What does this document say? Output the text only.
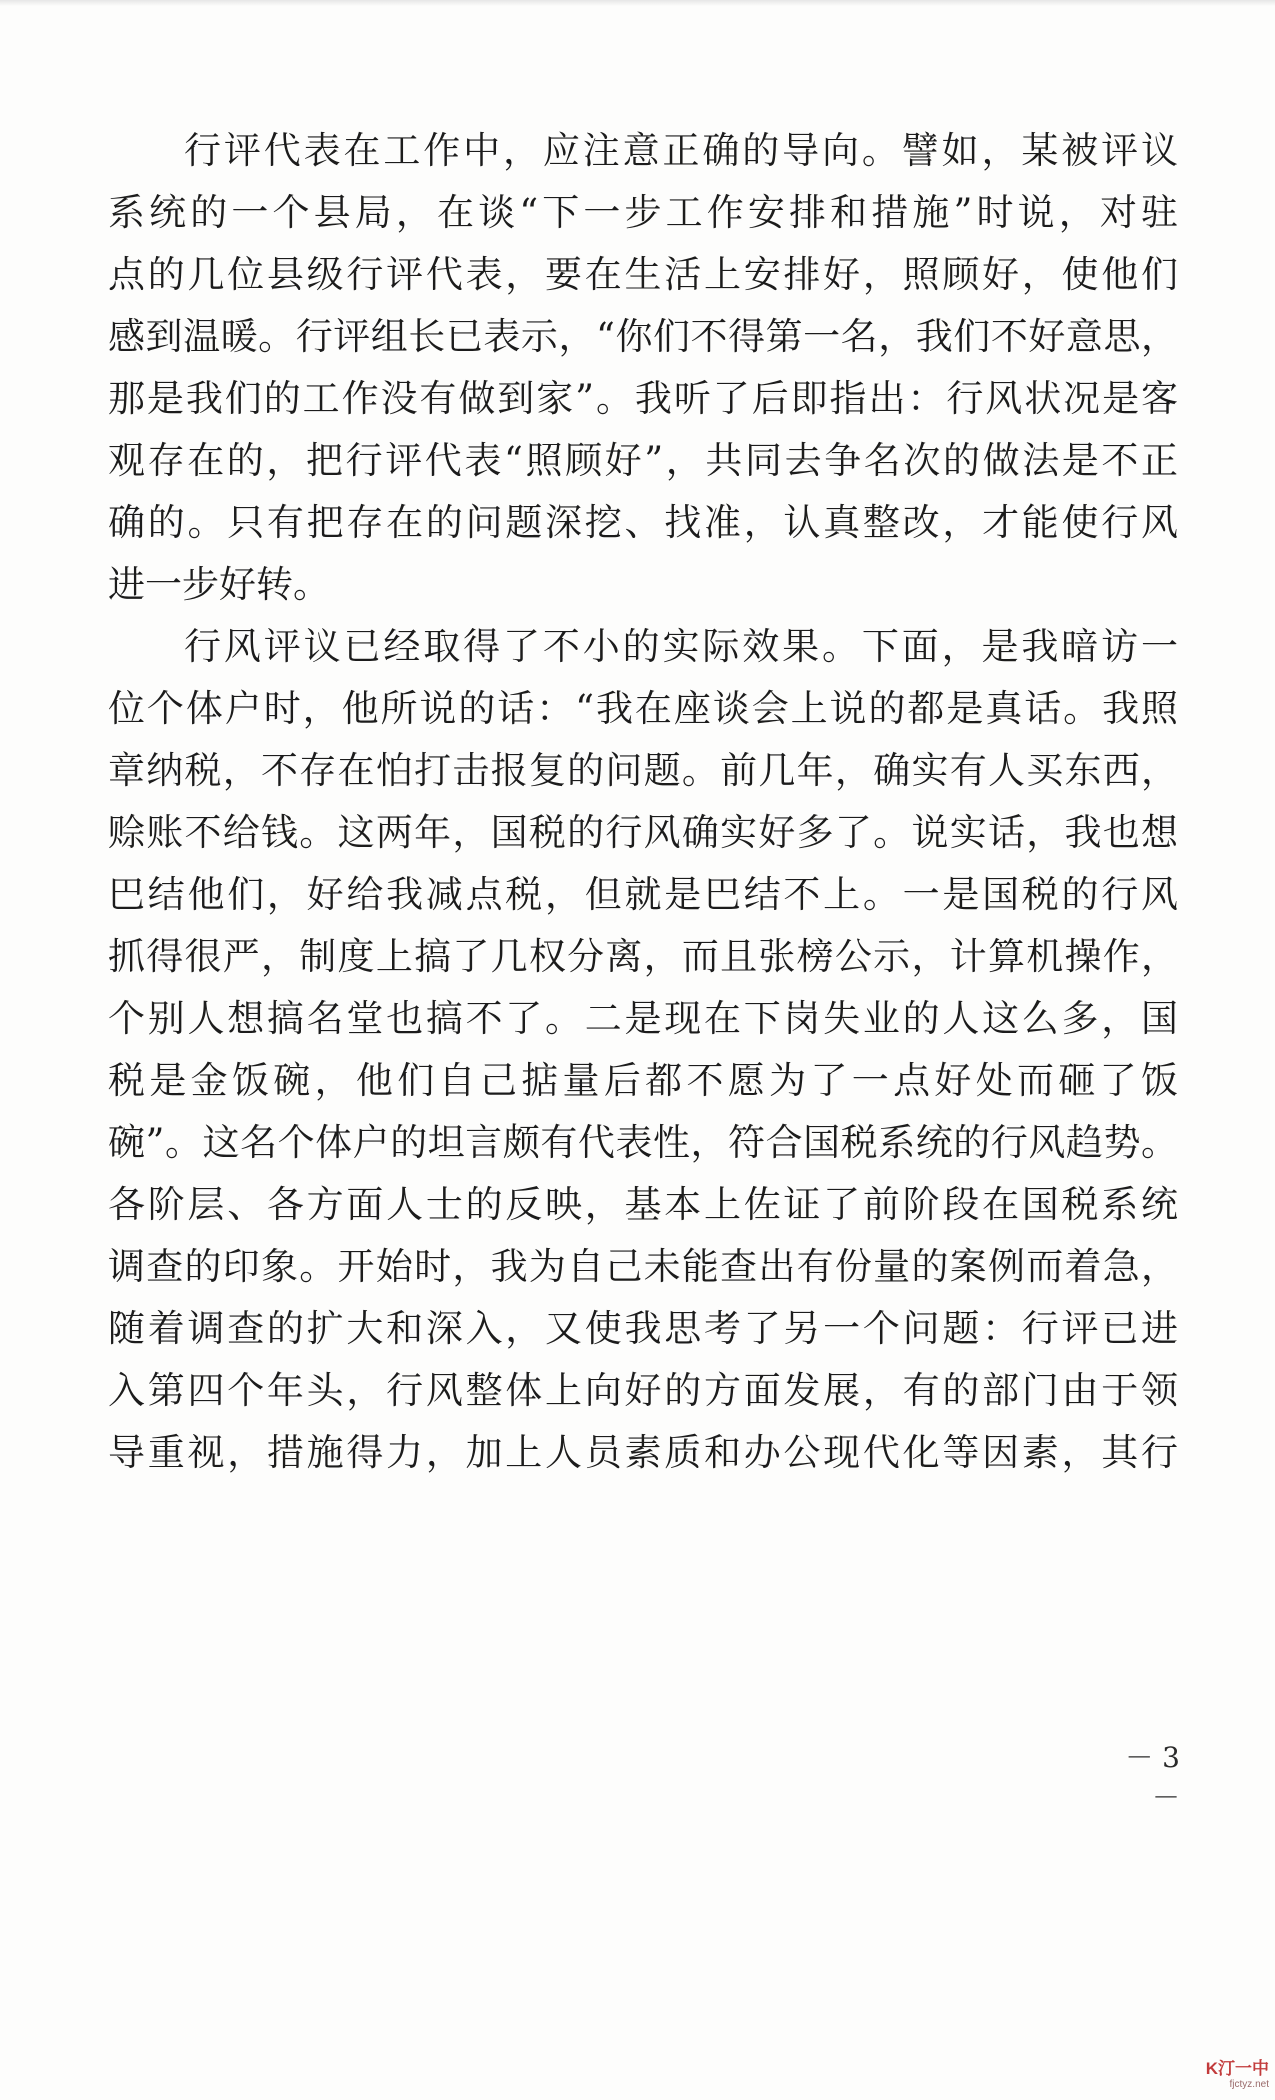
行评代表在工作中，应注意正确的导向。譬如，某被评议
系统的一个县局，在谈“下一步工作安排和措施”时说，对驻
点的几位县级行评代表，要在生活上安排好，照顾好，使他们
感到温暖。行评组长已表示，“你们不得第一名，我们不好意思，
那是我们的工作没有做到家”。我听了后即指出：行风状况是客
观存在的，把行评代表“照顾好”，共同去争名次的做法是不正
确的。只有把存在的问题深挖、找准，认真整改，才能使行风
进一步好转。
行风评议已经取得了不小的实际效果。下面，是我暗访一
位个体户时，他所说的话：“我在座谈会上说的都是真话。我照
章纳税，不存在怕打击报复的问题。前几年，确实有人买东西，
赊账不给钱。这两年，国税的行风确实好多了。说实话，我也想
巴结他们，好给我减点税，但就是巴结不上。一是国税的行风
抓得很严，制度上搞了几权分离，而且张榜公示，计算机操作，
个别人想搞名堂也搞不了。二是现在下岗失业的人这么多，国
税是金饭碗，他们自己掂量后都不愿为了一点好处而砸了饭
碗”。这名个体户的坦言颇有代表性，符合国税系统的行风趋势。
各阶层、各方面人士的反映，基本上佐证了前阶段在国税系统
调查的印象。开始时，我为自己未能查出有份量的案例而着急，
随着调查的扩大和深入，又使我思考了另一个问题：行评已进
入第四个年头，行风整体上向好的方面发展，有的部门由于领
导重视，措施得力，加上人员素质和办公现代化等因素，其行
－ 3 －
K汀一中
fjctyz.net
